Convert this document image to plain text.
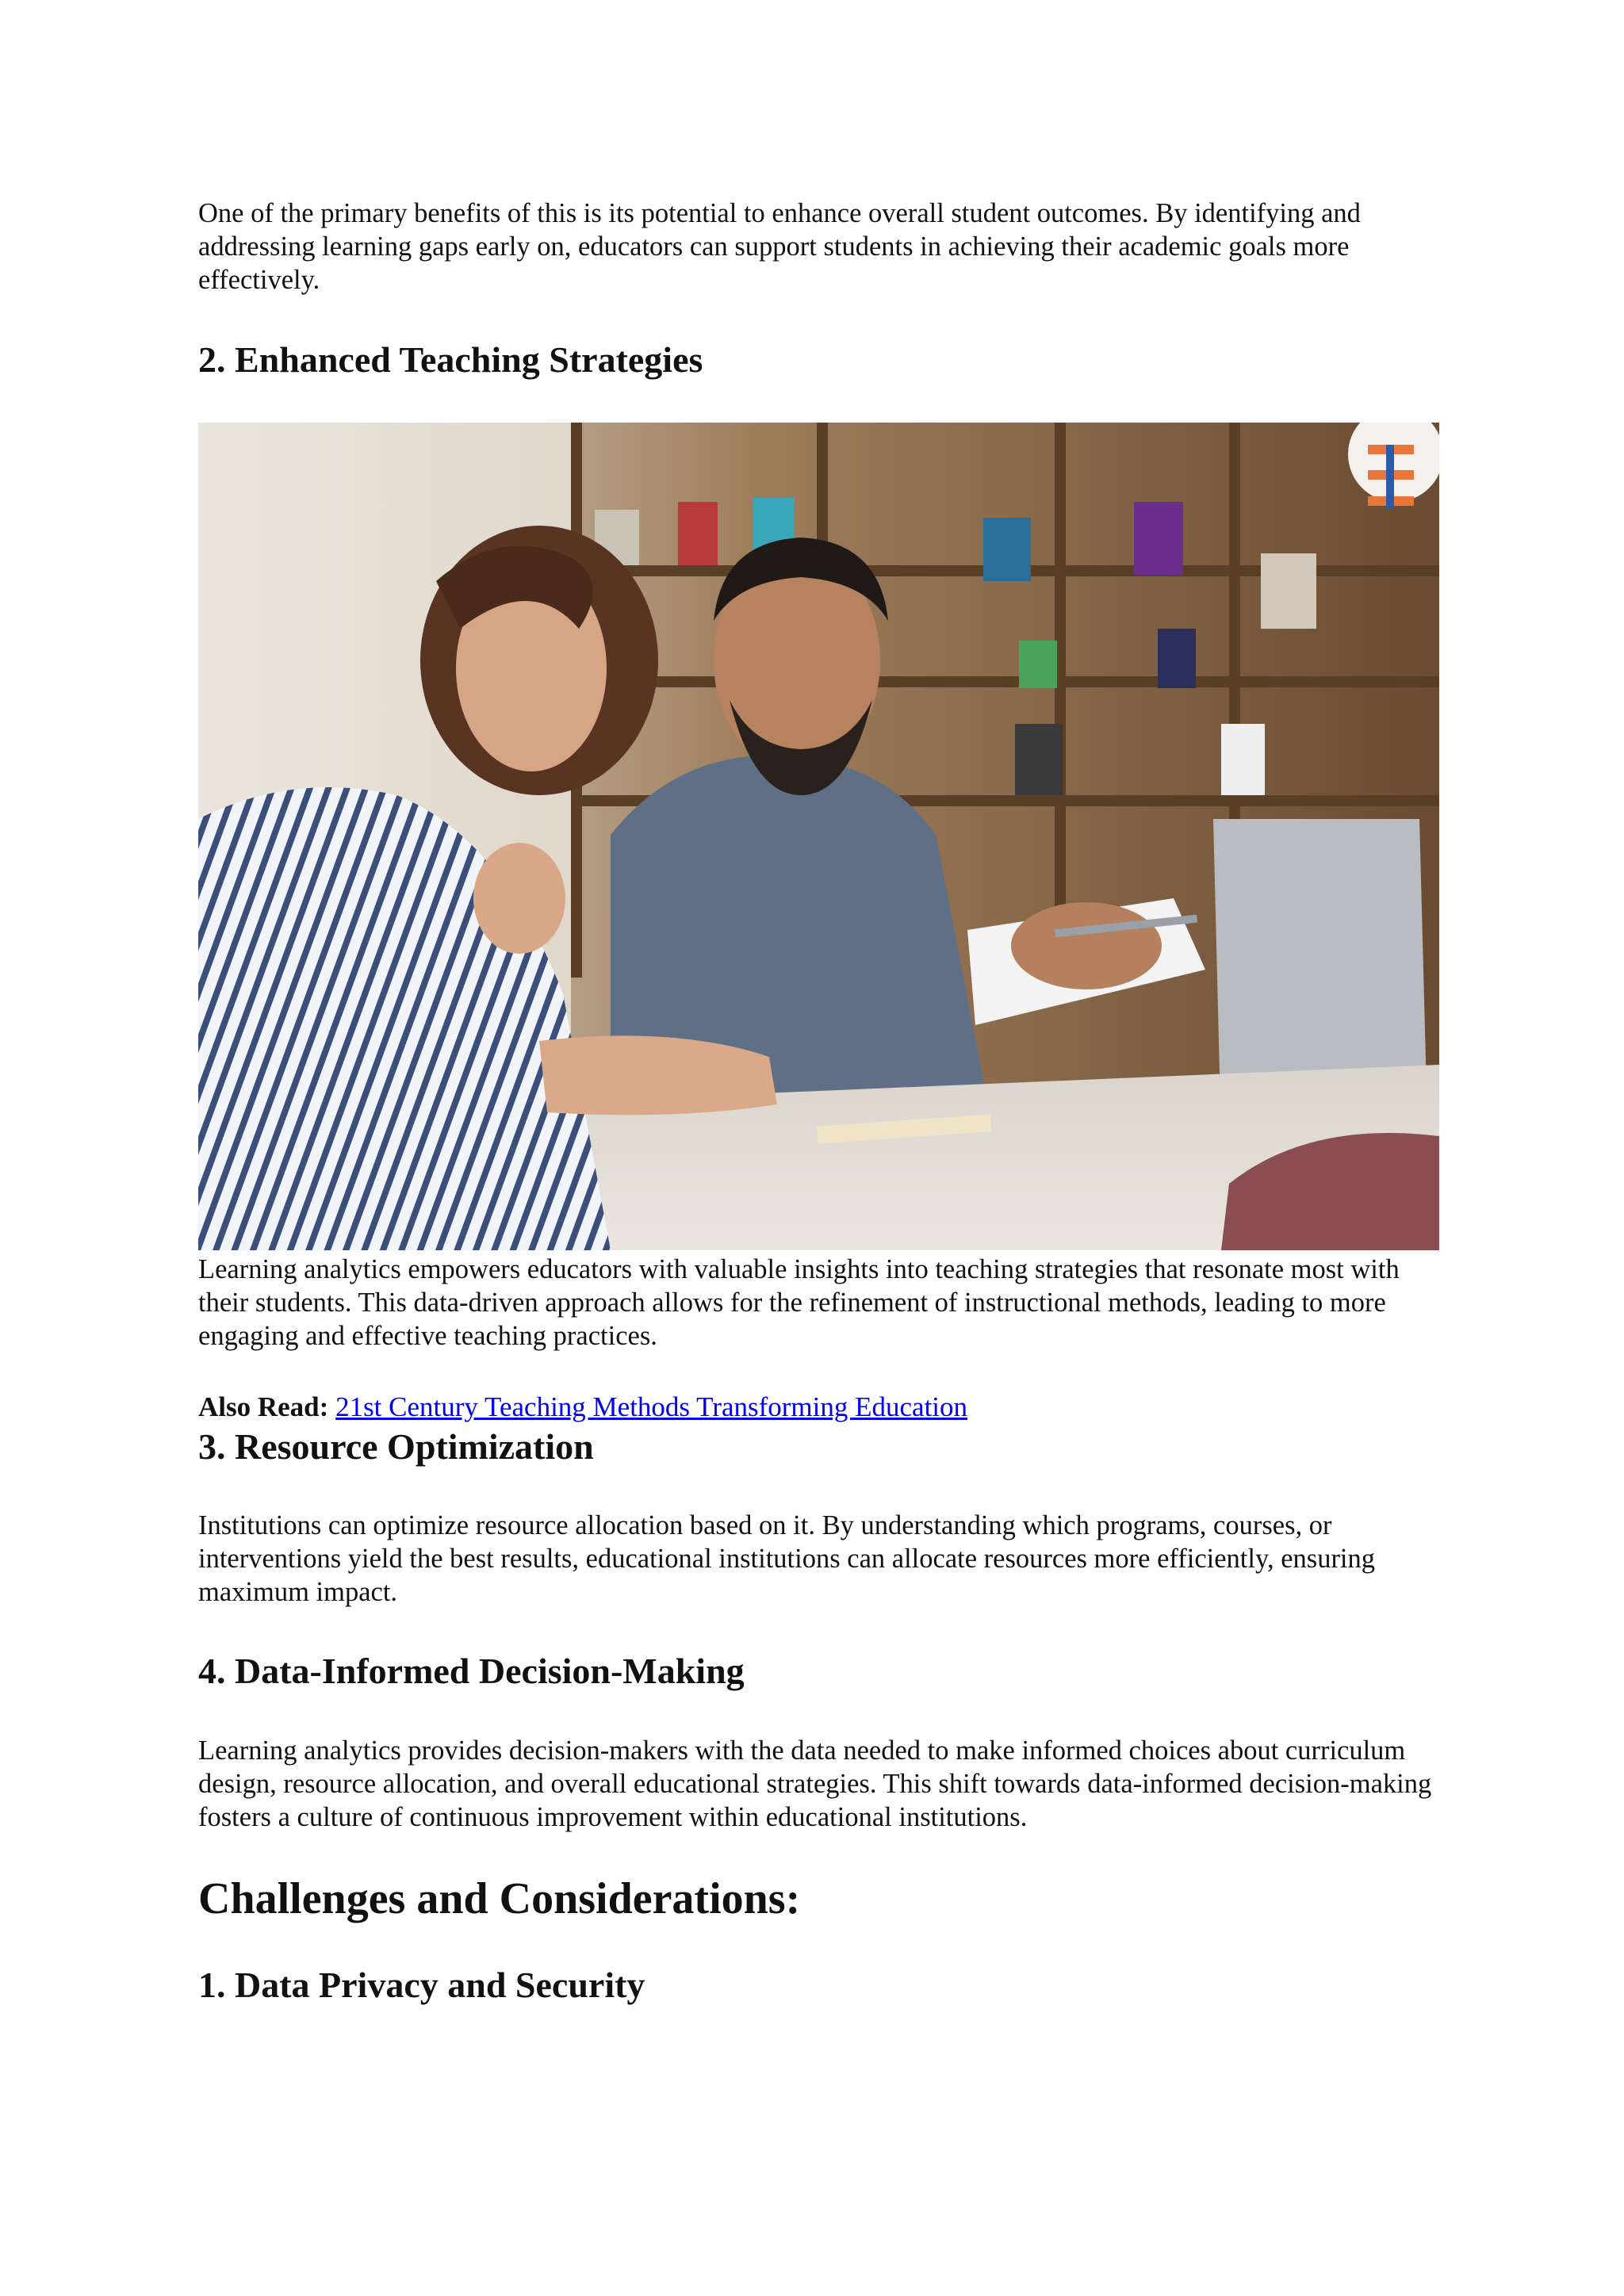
One of the primary benefits of this is its potential to enhance overall student outcomes. By identifying and addressing learning gaps early on, educators can support students in achieving their academic goals more effectively.

2. Enhanced Teaching Strategies

Learning analytics empowers educators with valuable insights into teaching strategies that resonate most with their students. This data-driven approach allows for the refinement of instructional methods, leading to more engaging and effective teaching practices.

Also Read: 21st Century Teaching Methods Transforming Education

3. Resource Optimization

Institutions can optimize resource allocation based on it. By understanding which programs, courses, or interventions yield the best results, educational institutions can allocate resources more efficiently, ensuring maximum impact.

4. Data-Informed Decision-Making

Learning analytics provides decision-makers with the data needed to make informed choices about curriculum design, resource allocation, and overall educational strategies. This shift towards data-informed decision-making fosters a culture of continuous improvement within educational institutions.

Challenges and Considerations:
1. Data Privacy and Security
